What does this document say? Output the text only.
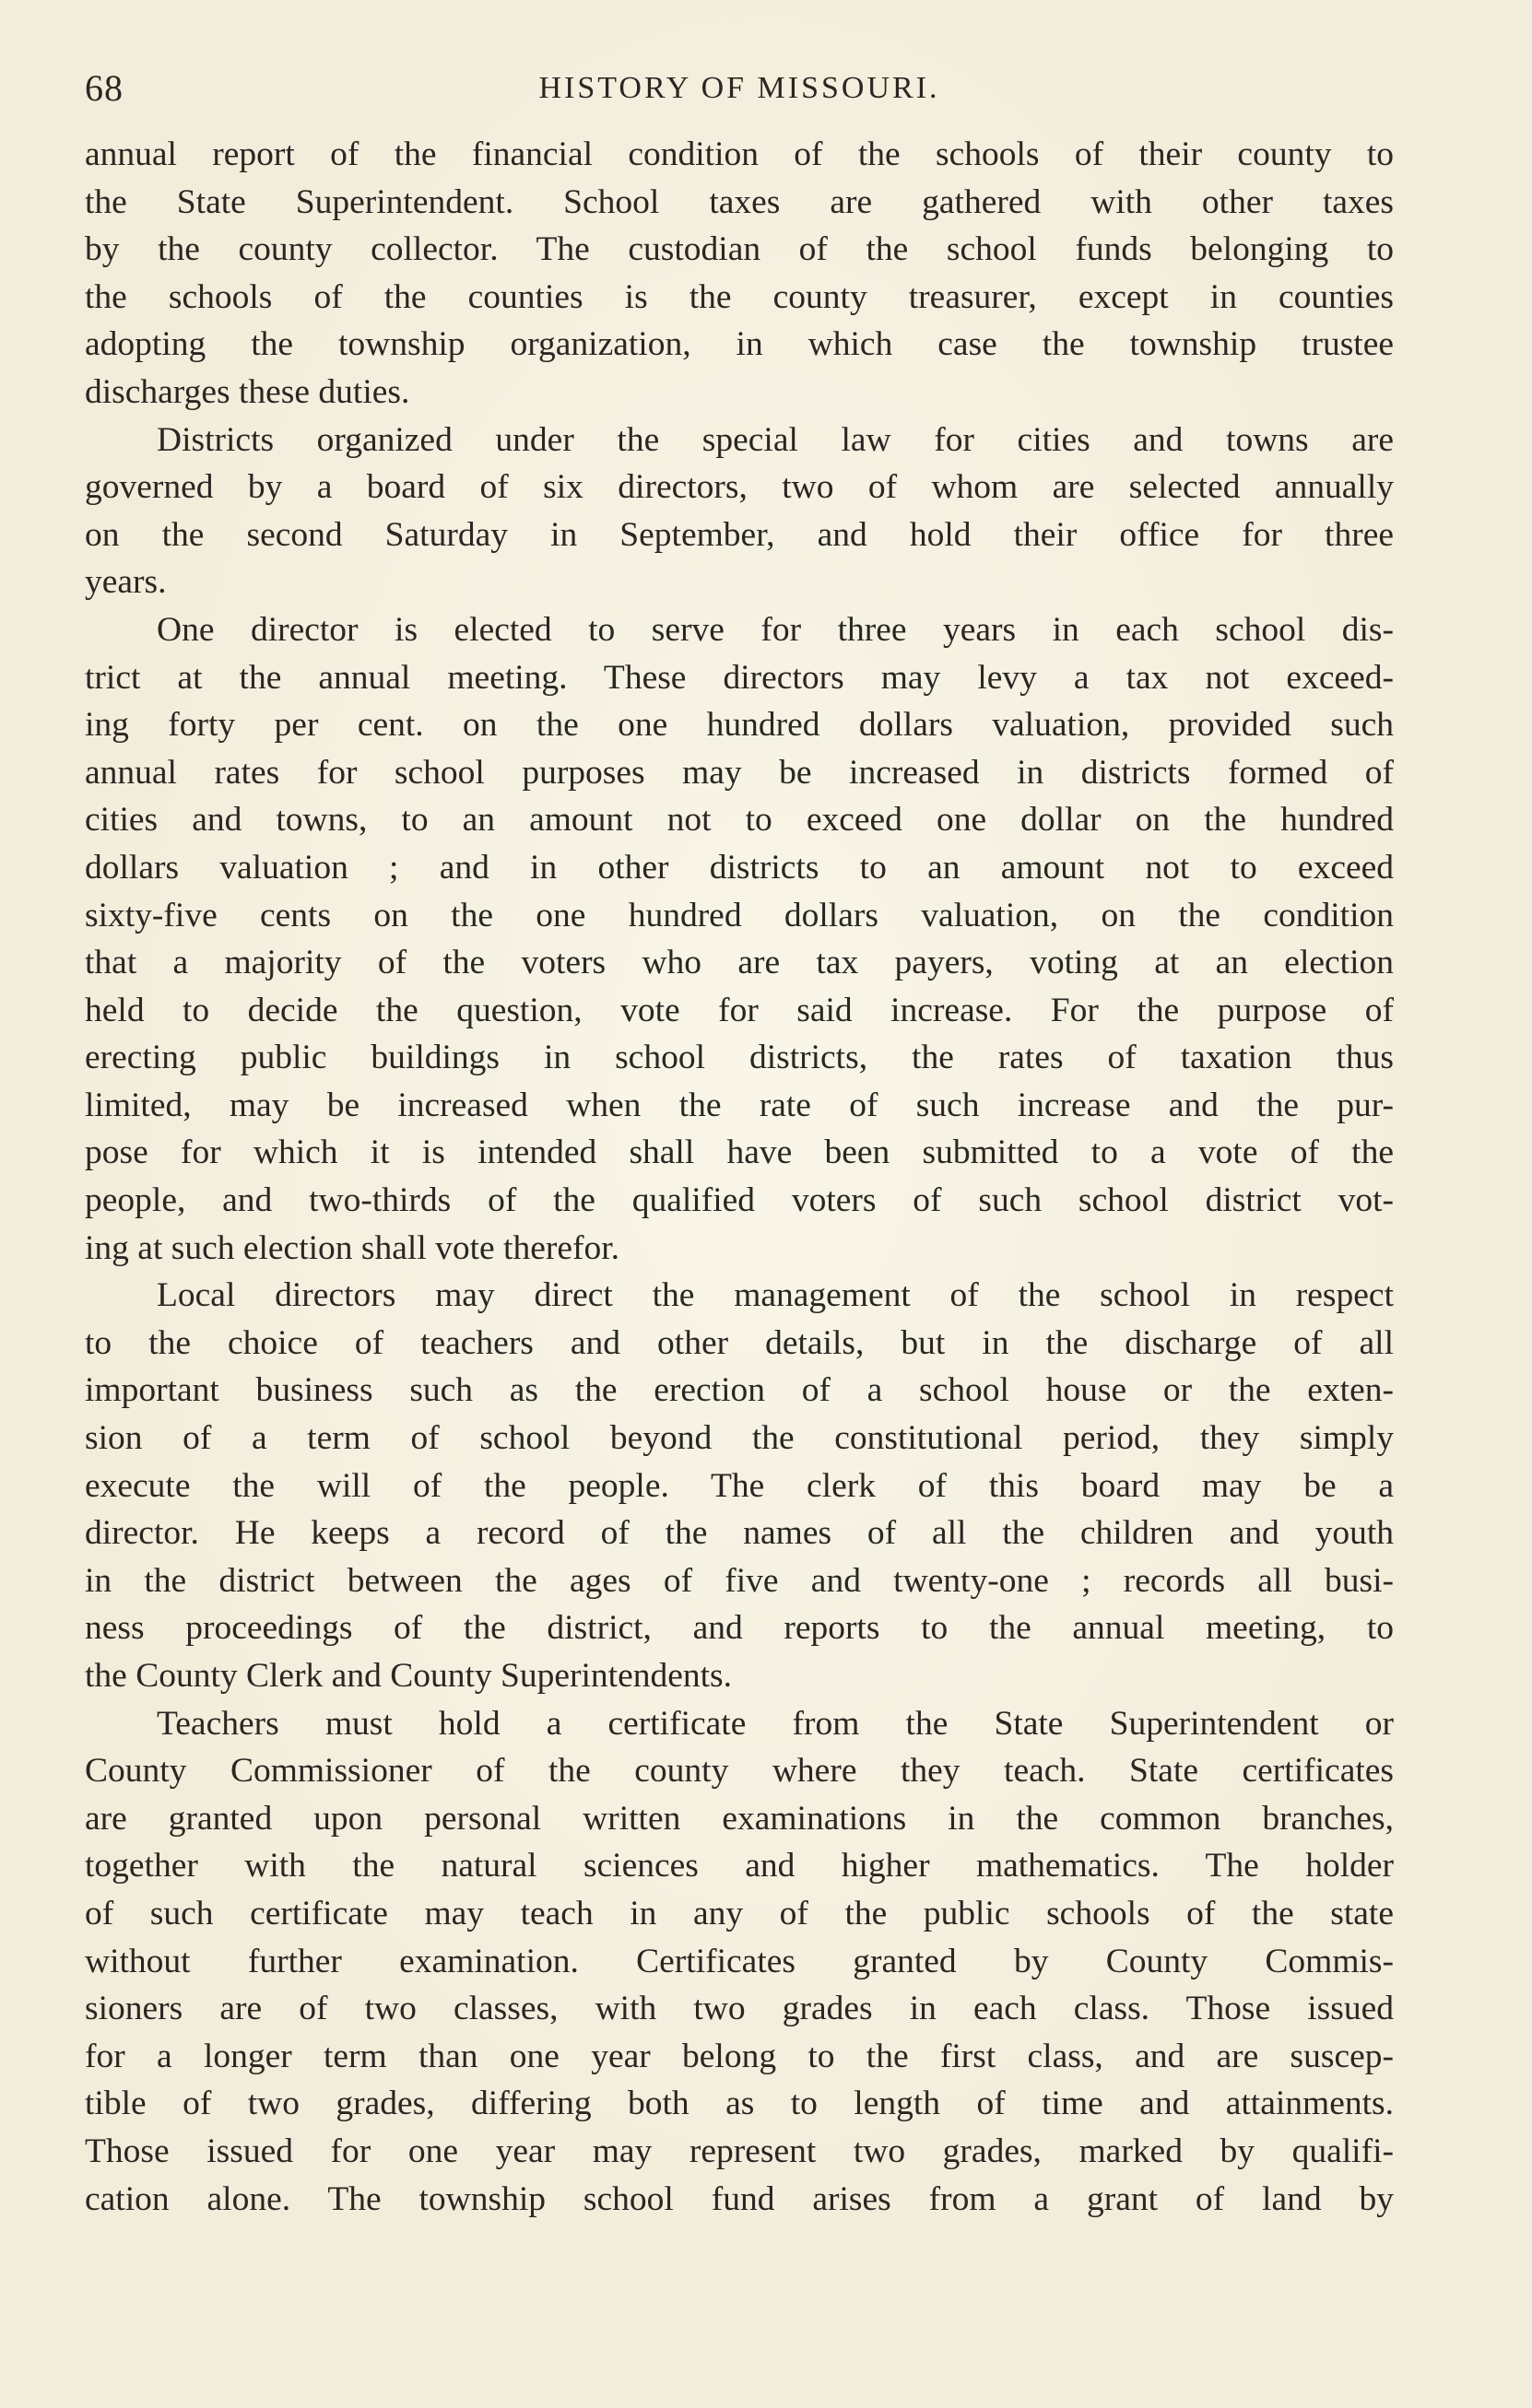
68	HISTORY OF MISSOURI.
annual report of the financial condition of the schools of their county to
the State Superintendent. School taxes are gathered with other taxes
by the county collector. The custodian of the school funds belonging to
the schools of the counties is the county treasurer, except in counties
adopting the township organization, in which case the township trustee
discharges these duties.
Districts organized under the special law for cities and towns are
governed by a board of six directors, two of whom are selected annually
on the second Saturday in September, and hold their office for three
years.
One director is elected to serve for three years in each school dis-
trict at the annual meeting. These directors may levy a tax not exceed-
ing forty per cent. on the one hundred dollars valuation, provided such
annual rates for school purposes may be increased in districts formed of
cities and towns, to an amount not to exceed one dollar on the hundred
dollars valuation ; and in other districts to an amount not to exceed
sixty-five cents on the one hundred dollars valuation, on the condition
that a majority of the voters who are tax payers, voting at an election
held to decide the question, vote for said increase. For the purpose of
erecting public buildings in school districts, the rates of taxation thus
limited, may be increased when the rate of such increase and the pur-
pose for which it is intended shall have been submitted to a vote of the
people, and two-thirds of the qualified voters of such school district vot-
ing at such election shall vote therefor.
Local directors may direct the management of the school in respect
to the choice of teachers and other details, but in the discharge of all
important business such as the erection of a school house or the exten-
sion of a term of school beyond the constitutional period, they simply
execute the will of the people. The clerk of this board may be a
director. He keeps a record of the names of all the children and youth
in the district between the ages of five and twenty-one ; records all busi-
ness proceedings of the district, and reports to the annual meeting, to
the County Clerk and County Superintendents.
Teachers must hold a certificate from the State Superintendent or
County Commissioner of the county where they teach. State certificates
are granted upon personal written examinations in the common branches,
together with the natural sciences and higher mathematics. The holder
of such certificate may teach in any of the public schools of the state
without further examination. Certificates granted by County Commis-
sioners are of two classes, with two grades in each class. Those issued
for a longer term than one year belong to the first class, and are suscep-
tible of two grades, differing both as to length of time and attainments.
Those issued for one year may represent two grades, marked by qualifi-
cation alone. The township school fund arises from a grant of land by
